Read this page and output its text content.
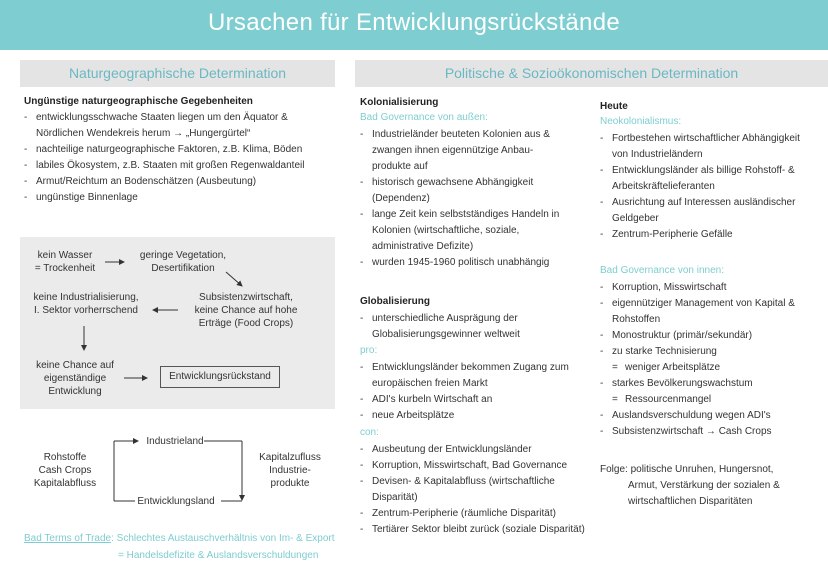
Ursachen für Entwicklungsrückstände
Naturgeographische Determination	Politische & Sozioökonomischen Determination
Ungünstige naturgeographische Gegebenheiten
- entwicklungsschwache Staaten liegen um den Äquator &
Nördlichen Wendekreis herum → „Hungergürtel“
- nachteilige naturgeographische Faktoren, z.B. Klima, Böden
- labiles Ökosystem, z.B. Staaten mit großen Regenwaldanteil
- Armut/Reichtum an Bodenschätzen (Ausbeutung)
- ungünstige Binnenlage
kein Wasser
= Trockenheit
geringe Vegetation,
Desertifikation
Subsistenzwirtschaft,
keine Chance auf hohe
Erträge (Food Crops)
keine Industrialisierung,
I. Sektor vorherrschend
keine Chance auf
eigenständige
Entwicklung
Entwicklungsrückstand
Industrieland
Entwicklungsland
Rohstoffe
Cash Crops
Kapitalabfluss
Kapitalzufluss
Industrie-
produkte
Bad Terms of Trade: Schlechtes Austauschverhältnis von Im- & Export
= Handelsdefizite & Auslandsverschuldungen
Kolonialisierung
Bad Governance von außen:
- Industrieländer beuteten Kolonien aus &
zwangen ihnen eigennützige Anbau-
produkte auf
- historisch gewachsene Abhängigkeit
(Dependenz)
- lange Zeit kein selbstständiges Handeln in
Kolonien (wirtschaftliche, soziale,
administrative Defizite)
- wurden 1945-1960 politisch unabhängig
Globalisierung
- unterschiedliche Ausprägung der
Globalisierungsgewinner weltweit
pro:
- Entwicklungsländer bekommen Zugang zum
europäischen freien Markt
- ADI's kurbeln Wirtschaft an
- neue Arbeitsplätze
con:
- Ausbeutung der Entwicklungsländer
- Korruption, Misswirtschaft, Bad Governance
- Devisen- & Kapitalabfluss (wirtschaftliche
Disparität)
- Zentrum-Peripherie (räumliche Disparität)
- Tertiärer Sektor bleibt zurück (soziale Disparität)
Heute
Neokolonialismus:
- Fortbestehen wirtschaftlicher Abhängigkeit
von Industrieländern
- Entwicklungsländer als billige Rohstoff- &
Arbeitskräftelieferanten
- Ausrichtung auf Interessen ausländischer
Geldgeber
- Zentrum-Peripherie Gefälle
Bad Governance von innen:
- Korruption, Misswirtschaft
- eigennütziger Management von Kapital &
Rohstoffen
- Monostruktur (primär/sekundär)
- zu starke Technisierung
= weniger Arbeitsplätze
- starkes Bevölkerungswachstum
= Ressourcenmangel
- Auslandsverschuldung wegen ADI's
- Subsistenzwirtschaft → Cash Crops
Folge: politische Unruhen, Hungersnot,
Armut, Verstärkung der sozialen &
wirtschaftlichen Disparitäten
